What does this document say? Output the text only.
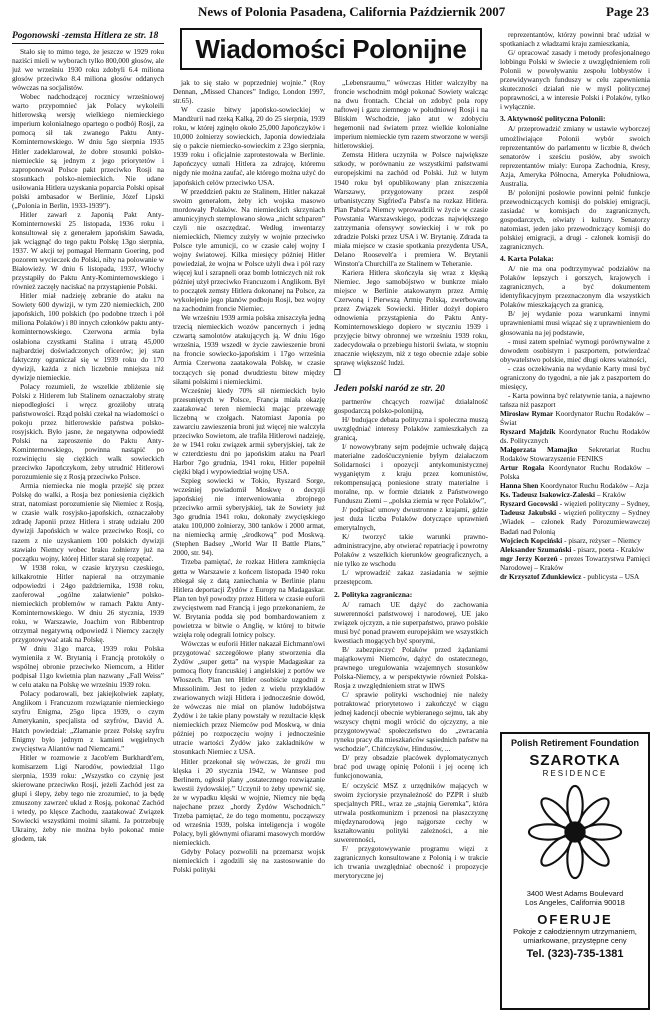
News of Polonia Pasadena, California Październik 2007	Page 23
Wiadomości Polonijne
Pogonowski -zemsta Hitlera ze str. 18

Stało się to mimo tego, że jeszcze w 1929 roku naziści mieli w wyborach tylko 800,000 głosów, ale już we wrześniu 1930 roku zdobyli 6.4 miliona głosów przeciwko 8.4 miliona głosów oddanych wówczas na socjalistów.

Wobec nadchodzącej rocznicy wrześniowej warto przypomnieć jak Polacy wykoleili hitlerowską wersję wielkiego niemieckiego imperium kolonialnego opartego o podbój Rosji, za pomocą sił tak zwanego Paktu Anty-Kominternowskiego. W dniu 5go sierpnia 1935 Hitler zadeklarował, że dobre stosunki polsko-niemieckie są jednym z jego priorytetów i zaproponował Polsce pakt przeciwko Rosji na stosunkach polsko-niemieckich. Nie udane usiłowania Hitlera uzyskania poparcia Polski opisał polski ambasador w Berlinie, Józef Lipski („Polonia in Berlin, 1933-1939”).

Hitler zawarł z Japonią Pakt Anty-Kominternowski 25 listopada, 1936 roku i konsultował się z generałem japońskim Sawada, jak wciągnąć do tego paktu Polskę 13go sierpnia, 1937. W akcji tej pomagał Hermann Goering, pod pozorem wycieczek do Polski, niby na polowanie w Białowieży. W dniu 6 listopada, 1937, Włochy przystąpiły do Paktu Anty-Kominternowskiego i również zaczęły naciskać na przystąpienie Polski.

Hitler miał nadzieję zebranie do ataku na Sowiety 600 dywizji, w tym 220 niemieckich, 200 japońskich, 100 polskich (po podobne trzech i pół miliona Polaków) i 80 innych członków paktu anty-kominternowskiego. Czerwona armia była osłabiona czystkami Stalina i utratą 45,000 najbardziej doświadczonych oficerów; jej stan faktyczny ograniczał się w 1939 roku do 170 dywizji, każda z nich liczebnie mniejsza niż dywizje niemieckie.

Polacy rozumieli, że wszelkie zbliżenie się Polski z Hitlerem lub Stalinem oznaczałoby stratę niepodległości i wręcz groziłoby utratą państwowości. Rząd polski czekał na wiadomości o pokoju przez hitlerowskie państwa polsko-rosyjskich. Było jasne, że negatywna odpowiedź Polski na zaproszenie do Paktu Anty-Kominternowskiego, powinna nastąpić po rozwinięciu się ciężkich walk sowieckich przeciwko Japończykom, żeby utrudnić Hitlerowi porozumienie się z Rosją przeciwko Polsce.

Armia niemiecka nie mogła przejść się przez Polskę do walki, a Rosja bez poniesienia ciężkich strat, natomiast porozumienie się Niemiec z Rosją, w czasie walk rosyjsko-japońskich, oznaczałoby zdradę Japonii przez Hitlera i stratę udziału 200 dywizji Japońskich w walce przeciwko Rosji, co razem z nie uzyskaniem 100 polskich dywizji stawiało Niemcy wobec braku żołnierzy już na początku wojny, której Hitler starał się rozpętać.

W 1938 roku, w czasie kryzysu czeskiego, kilkakrotnie Hitler napierał na otrzymanie odpowiedzi i 24go października, 1938 roku, zaoferował „ogólne załatwienie” polsko-niemieckich problemów w ramach Paktu Anty-Kominternowskiego. W dniu 26 stycznia, 1939 roku, w Warszawie, Joachim von Ribbentrop otrzymał negatywną odpowiedź i Niemcy zaczęły przygotowywać atak na Polskę.

W dniu 31go marca, 1939 roku Polska wymieniła z W. Brytanią i Francją protokóły o wspólnej obronie przeciwko Niemcom, a Hitler podpisał 11go kwietnia plan nazwany „Fall Weiss” w celu ataku na Polskę we wrześniu 1939 roku.

Polacy podarowali, bez jakiejkolwiek zapłaty, Anglikom i Francuzom rozwiązanie niemieckiego szyfru Enigma, 25go lipca 1939, o czym Amerykanin, specjalista od szyfrów, David A. Hatch powiedział: „Złamanie przez Polskę szyfru Enigmy było jednym z kamieni węgielnych zwycięstwa Aliantów nad Niemcami.”

Hitler w rozmowie z Jacob'em Burkhardt'em, komisarzem Ligi Narodów, powiedział 11go sierpnia, 1939 roku: „Wszystko co czynię jest skierowane przeciwko Rosji, jeżeli Zachód jest za głupi i ślepy, żeby tego nie zrozumieć, to ja będę zmuszony zawrzeć układ z Rosją, pokonać Zachód i wtedy, po klęsce Zachodu, zaatakować Związek Sowiecki wszystkimi moimi siłami. Ja potrzebuję Ukrainy, żeby nie można było pokonać mnie głodem, tak

jak to się stało w poprzedniej wojnie.” (Roy Dennan, „Missed Chances” Indigo, London 1997, str.65).

W czasie bitwy japońsko-sowieckiej w Mandżurii nad rzeką Kalką, 20 do 25 sierpnia, 1939 roku, w której zginęło około 25,000 Japończyków i 10,000 żołnierzy sowieckich, Japonia dowiedziała się o pakcie niemiecko-sowieckim z 23go sierpnia, 1939 roku i oficjalnie zaprotestowała w Berlinie. Japończycy uznali Hitlera za zdrajcę, któremu nigdy nie można zaufać, ale którego można użyć do japońskich celów przeciwko USA.

W przeddzień paktu ze Stalinem, Hitler nakazał swoim generałom, żeby ich wojska masowo mordowały Polaków. Na niemieckich skrzyniach amunicyjnych stemplowano słowa „nicht schparen” czyli nie oszczędzać. Według inwentarzy niemieckich, Niemcy zużyły w wojnie przeciwko Polsce tyle amunicji, co w czasie całej wojny I wojny światowej. Kilka miesięcy później Hitler powiedział, że wojna w Polsce użyli dwa i pół razy więcej kul i szrapneli oraz bomb lotniczych niż rok później użył przeciwko Francuzom i Anglikom. Był to początek zemsty Hitlera dokonanej na Polsce, za wykolejenie jego planów podboju Rosji, bez wojny na zachodnim froncie Niemiec.

We wrześniu 1939 armia polska zniszczyła jedną trzecią niemieckich wozów pancernych i jedną czwartą samolotów atakujących ją. W dniu 16go września, 1939 wszedł w życie zawieszenie broni na froncie sowiecko-japońskim i 17go września Armia Czerwona zaatakowała Polskę, w czasie toczących się ponad dwudziestu bitew między siłami polskimi i niemieckimi.

Wcześniej kiedy 70% sił niemieckich było przesuniętych w Polsce, Francja miała okazję zaatakować teren niemiecki mając przewagę liczebną w czołgach. Natomiast Japonia po zawarciu zawieszenia broni już więcej nie walczyła przeciwko Sowietom, ale trafiła Hitlerowi nadzieję, że w 1941 roku związek armii syberyjskiej, tak że w czterdziestu dni po japońskim ataku na Pearl Harbor 7go grudnia, 1941 roku, Hitler popełnił ciężki błąd i wypowiedział wojnę USA.

Szpieg sowiecki w Tokio, Ryszard Sorge, wcześniej powiadomił Moskwę o decyzji japońskiej nie interweniowania zbrojnego przeciwko armii syberyjskiej, tak że Sowiety już 3go grudnia 1941 roku, dokonały zwycięskiego ataku 100,000 żołnierzy, 300 tanków i 2000 armat, na niemiecką armię „środkową” pod Moskwą. (Stephen Badsey „World War II Battle Plans,” 2000, str. 94).

Trzeba pamiętać, że rozkaz Hitlera zamknięcia getta w Warszawie z końcem listopada 1940 roku zbiegał się z datą zaniechania w Berlinie planu Hitlera deportacji Żydów z Europy na Madagaskar. Plan ten był powodzy przez Hitlera w czasie euforii zwycięstwem nad Francją i jego przekonaniem, że W. Brytania podda się pod bombardowaniem z powietrza w bitwie o Anglię, w której to bitwie wzięła rolę odegrali lotnicy polscy.

Wówczas w euforii Hitler nakazał Eichmann'owi przygotować szczegółowe plany stworzenia dla Żydów „super getta” na wyspie Madagaskar za pomocą floty francuskiej i angielskiej z portów we Włoszech. Plan ten Hitler osobiście uzgodnił z Mussolinim. Jest to jeden z wielu przykładów zwariowanych wizji Hitlera i jednocześnie dowód, że wówczas nie miał on planów ludobójstwa Żydów i że takie plany powstały w rezultacie klęsk niemieckich przez Niemców pod Moskwą, w dnia później po rozpoczęciu wojny i jednocześnie utracie wartości Żydów jako zakładników w stosunkach Niemiec z USA.

Hitler przekonał się wówczas, że groźi mu klęska i 20 stycznia 1942, w Wannsee pod Berlinem, ogłosił plany „ostatecznego rozwiązanie kwestii żydowskiej.” Uczynił to żeby upewnić się, że w wypadku klęski w wojnie, Niemcy nie będą najechane przez „hordy Żydów Wschodnich.” Trzeba pamiętać, że do tego momentu, począwszy od września 1939, polska inteligencja i wogóle Polacy, byli głównymi ofiarami masowych mordów niemieckich.

Gdyby Polacy pozwolili na przemarsz wojsk niemieckich i zgodzili się na zastosowanie do Polski polityki

„Lebensraumu,” wówczas Hitler walczyłby na froncie wschodnim mógł pokonać Sowiety walcząc na dwu frontach. Chciał on zdobyć pola ropy naftowej i gazu ziemnego w południowej Rosji i na Bliskim Wschodzie, jako atut w zdobyciu hegemonii nad światem przez wielkie kolonialne imperium niemieckie tym razem stworzone w wersji hitlerowskiej.

Zemsta Hitlera uczyniła w Polsce największe szkody, w porównaniu ze wszystkimi państwami europejskimi na zachód od Polski. Już w lutym 1940 roku był opublikowany plan zniszczenia Warszawy, przygotowany przez zespół urbanistyczny Sigfried'a Pabst'a na rozkaz Hitlera. Plan Pabst'a Niemcy wprowadzili w życie w czasie Powstania Warszawskiego, podczas największego zatrzymania ofensywy sowieckiej i w rok po zdradzie Polski przez USA i W. Brytanię. Zdrada ta miała miejsce w czasie spotkania prezydenta USA, Delano Roosevelt'a i premiera W. Brytanii Winston'a Churchill'a ze Stalinem w Teheranie.

Kariera Hitlera skończyła się wraz z klęską Niemiec. Jego samobójstwo w bunkrze miało miejsce w Berlinie atakowanym przez Armię Czerwoną i Pierwszą Armię Polską, zwerbowaną przez Związek Sowiecki. Hitler dożył dopiero odnowienia przystąpienia do Paktu Anty-Kominternowskiego dopiero w styczniu 1939 i przyjęcie bitwy obronnej we wrześniu 1939 roku, zadecydowała o przebiegu historii świata, w stopniu znacznie większym, niż z tego obecnie zdaje sobie sprawę większość ludzi.

❒
Jeden polski naród ze str. 20

partnerów chcących rozwijać działalność gospodarczą polsko-polonijną,

H/ budujące debata polityczna i społeczna muszą uwzględniać interesy Polaków zamieszkałych za granicą,

I/ nowowybrany sejm podejmie uchwałę dającą materialne zadośćuczynienie byłym działaczom Solidarności i opozycji antykomunistycznej wyganiętym z kraju przez komunistów, rekompensującą poniesione straty materialne i moralne, np. w formie dziatek z Państwowego Funduszu Ziemi – „polska ziemia w ręce Polaków”,

J/ podpisać umowy dwustronne z krajami, gdzie jest duża liczba Polaków dotyczące uprawnień emerytalnych,

K/ tworzyć takie warunki prawno-administracyjne, aby otwierać repatriację i powrotny Polaków z wszelkich kierunków geograficznych, a nie tylko ze wschodu

L/ wprowadzić zakaz zasiadania w sejmie przestępcom.

2. Polityka zagraniczna:

A/ ramach UE dążyć do zachowania suwerenności państwowej i narodowej, UE jako związek ojczyzn, a nie superpaństwo, prawo polskie musi być ponad prawem europejskim we wszystkich kwestiach mogących być sporymi,

B/ zabezpieczyć Polaków przed żądaniami majątkowymi Niemców, dążyć do ostatecznego, prawnego uregulowania wzajemnych stosunków Polska-Niemcy, a w perspektywie również Polska-Rosja z uwzględnieniem strat w IIWS

C/ sprawie polityki wschodniej nie należy potraktować priorytetowo i zakończyć w ciągu jednej kadencji obecnie wybieranego sejmu, tak aby wszyscy chętni mogli wrócić do ojczyzny, a nie przygotowywać społeczeństwo do „zwracania ryneku pracy dla mieszkańców sąsiednich państw na wschodzie”, Chińczyków, Hindusów, ...

D/ przy obsadzie placówek dyplomatycznych brać pod uwagę opinię Polonii i jej ocenę ich funkcjonowania,

E/ oczyścić MSZ z urzędników mających w swoim życiorysie przynależność do PZPR i służb specjalnych PRL, wraz ze „stajnią Geremka”, która utrwala postkomunizm i przenosi na płaszczyznę międzynarodową jego najgorsze cechy w kształtowaniu polityki zależności, a nie suwerenności,

F/ przygotowywanie programu więzi z zagranicznych konsultowane z Polonią i w trakcie ich trwania uwzględniać obecność i propozycje merytoryczne jej

reprezentantów, którzy powinni brać udział w spotkaniach z władzami kraju zamieszkania,

G/ opracować zasady i metody profesjonalnego lobbingu Polski w świecie z uwzględnieniem roli Polonii w powoływaniu zespołu lobbystów i przewidywanych funduszy w celu zapewnienia skuteczności działań nie w myśl politycznej poprawności, a w interesie Polski i Polaków, tylko i wyłącznie.

3. Aktywność polityczna Polonii:

A/ przeprowadzić zmiany w ustawie wyborczej umożliwiające Polonii wybór swoich reprezentantów do parlamentu w liczbie 8, dwóch senatorów i sześciu posłów, aby swoich reprezentantów miały: Europa Zachodnia, Kresy, Azja, Ameryka Północna, Ameryka Południowa, Australia.

B/ polonijni posłowie powinni pełnić funkcje przewodniczących komisji do polskiej emigracji, zasiadać w komisjach do zagranicznych, gospodarczych, oświaty i kultury. Senatorzy natomiast, jeden jako przewodniczący komisji do polskiej emigracji, a drugi - członek komisji do zagranicznych.

4. Karta Polaka:

A/ nie ma ona podtrzymywać podziałów na Polaków lepszych i gorszych, krajowych i zagranicznych, a być dokumentem identyfikacyjnym przeznaczonym dla wszystkich Polaków mieszkających za granicą,

B/ jej wydanie poza warunkami innymi uprawnieniami musi wiązać się z uprawnieniem do głosowania na jej podstawie,

- musi zatem spełniać wymogi porównywalne z dowodem osobistym i paszportem, potwierdzać obywatelstwo polskie, mieć długi okres ważności,

- czas oczekiwania na wydanie Karty musi być ograniczony do tygodni, a nie jak z paszportem do miesięcy,

- Karta powinna być relatywnie tania, a najewno tańsza niż paszport

Mirosław Rymar Koordynator Ruchu Rodaków – Świat
Ryszard Majdzik Koordynator Ruchu Rodaków ds. Politycznych
Małgorzata Mamajko Sekretariat Ruchu Rodaków Stowarzyszenie FENIKS
Artur Rogala Koordynator Ruchu Rodaków – Polska
Hanna Shen Koordynator Ruchu Rodaków – Azja
Ks. Tadeusz Isakowicz-Zaleski – Kraków
Ryszard Gocowski - więzień polityczny – Sydney,
Tadeusz Jakubski - więzień polityczny – Sydney ,Wiadek – członek Rady Porozumiewawczej Badań nad Polonią
Wojciech Kopciński - pisarz, reżyser – Niemcy
Aleksander Szumański - pisarz, poeta - Kraków
mgr Jerzy Korzeń - prezes Towarzystwa Pamięci Narodowej – Kraków
dr Krzysztof Zdunkiewicz - publicysta – USA
Polish Retirement Foundation
SZAROTKA
RESIDENCE
3400 West Adams Boulevard
Los Angeles, California 90018
OFERUJE
Pokoje z całodziennym utrzymaniem,
umiarkowane, przystępne ceny
Tel. (323)-735-1381
